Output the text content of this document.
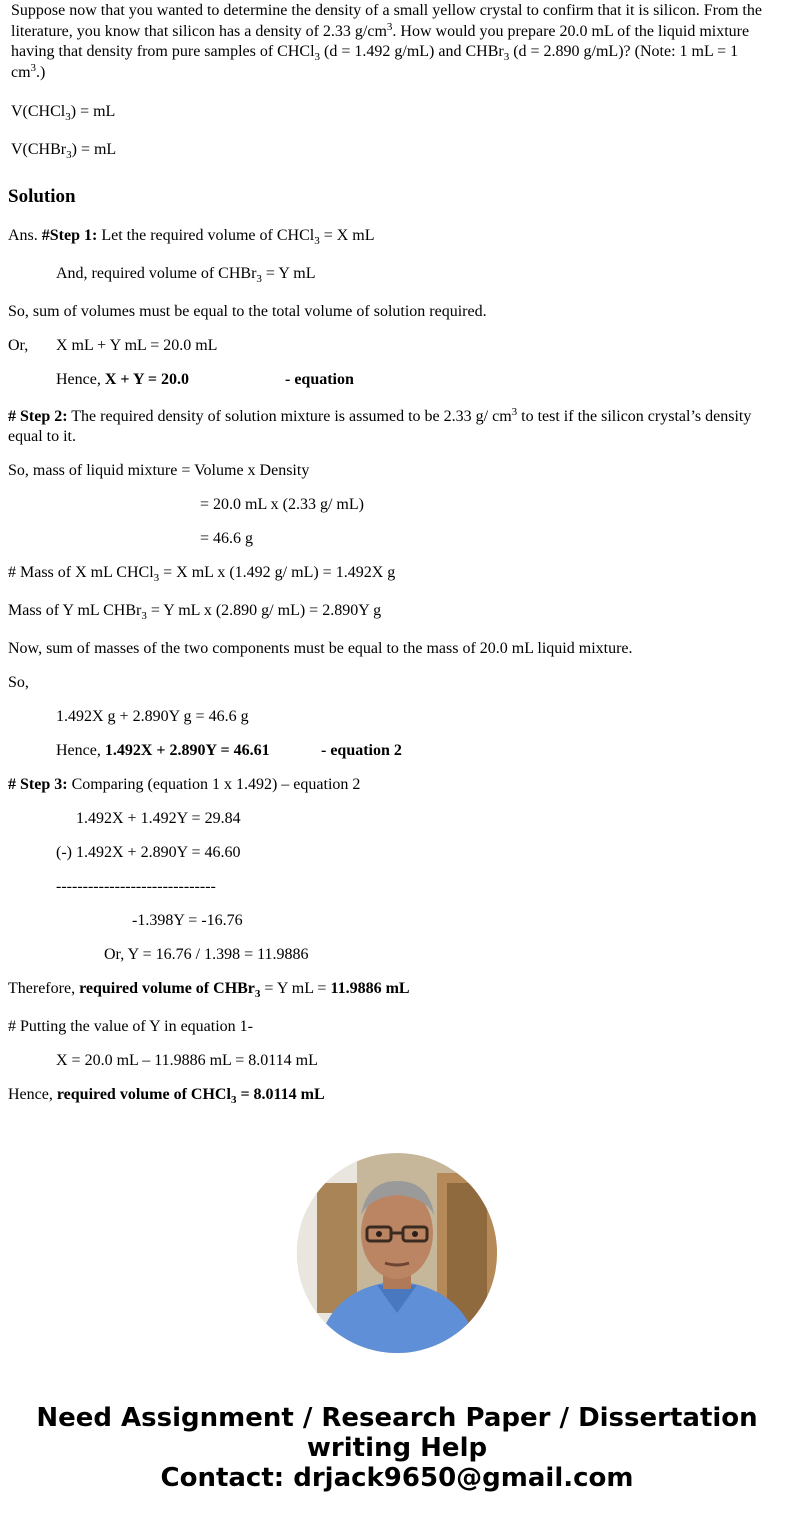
Suppose now that you wanted to determine the density of a small yellow crystal to confirm that it is silicon. From the literature, you know that silicon has a density of 2.33 $g/cm^3$. How would you prepare 20.0 mL of the liquid mixture having that density from pure samples of CHCl$_3$ (d = 1.492 g/mL) and CHBr$_3$ (d = 2.890 g/mL)? (Note: 1 mL = 1 $cm^3$.)
V(CHCl$_3$) = mL
V(CHBr$_3$) = mL
Solution
Ans. #Step 1: Let the required volume of CHCl$_3$ = X mL
And, required volume of CHBr$_3$ = Y mL
So, sum of volumes must be equal to the total volume of solution required.
Or, X mL + Y mL = 20.0 mL
Hence, X + Y = 20.0	- equation
# Step 2: The required density of solution mixture is assumed to be 2.33 g/ $cm^3$ to test if the silicon crystal’s density
equal to it.
So, mass of liquid mixture = Volume x Density
= 20.0 mL x (2.33 g/ mL)
= 46.6 g
# Mass of X mL CHCl$_3$ = X mL x (1.492 g/ mL) = 1.492X g
Mass of Y mL CHBr$_3$ = Y mL x (2.890 g/ mL) = 2.890Y g
Now, sum of masses of the two components must be equal to the mass of 20.0 mL liquid mixture.
So,
1.492X g + 2.890Y g = 46.6 g
Hence, 1.492X + 2.890Y = 46.61	- equation 2
# Step 3: Comparing (equation 1 x 1.492) – equation 2
1.492X + 1.492Y = 29.84
(-) 1.492X + 2.890Y = 46.60
------------------------------
-1.398Y = -16.76
Or, Y = 16.76 / 1.398 = 11.9886
Therefore, required volume of CHBr$_3$ = Y mL = 11.9886 mL
# Putting the value of Y in equation 1-
X = 20.0 mL – 11.9886 mL = 8.0114 mL
Hence, required volume of CHCl$_3$ = 8.0114 mL
Need Assignment / Research Paper / Dissertation
writing Help
Contact: drjack9650@gmail.com
